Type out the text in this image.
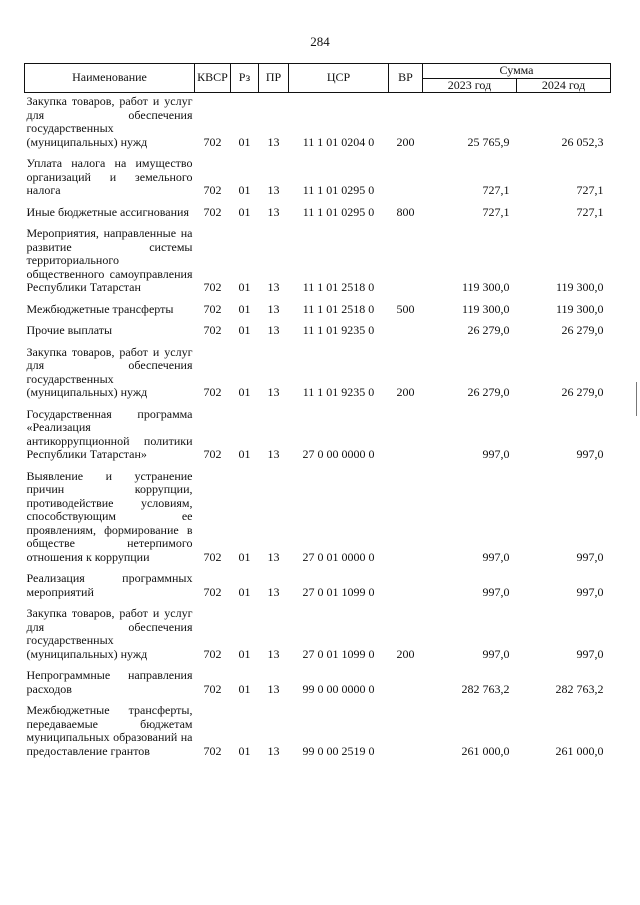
284
Наименование	КВСР	Рз	ПР	ЦСР	ВР	Сумма	
						2023 год	2024 год
Закупка товаров, работ и услуг для обеспечения государственных (муниципальных) нужд	702	01	13	11 1 01 0204 0	200	25 765,9	26 052,3
Уплата налога на имущество организаций и земельного налога	702	01	13	11 1 01 0295 0		727,1	727,1
Иные бюджетные ассигнования	702	01	13	11 1 01 0295 0	800	727,1	727,1
Мероприятия, направленные на развитие системы территориального общественного самоуправления Республики Татарстан	702	01	13	11 1 01 2518 0		119 300,0	119 300,0
Межбюджетные трансферты	702	01	13	11 1 01 2518 0	500	119 300,0	119 300,0
Прочие выплаты	702	01	13	11 1 01 9235 0		26 279,0	26 279,0
Закупка товаров, работ и услуг для обеспечения государственных (муниципальных) нужд	702	01	13	11 1 01 9235 0	200	26 279,0	26 279,0
Государственная программа «Реализация антикоррупционной политики Республики Татарстан»	702	01	13	27 0 00 0000 0		997,0	997,0
Выявление и устранение причин коррупции, противодействие условиям, способствующим ее проявлениям, формирование в обществе нетерпимого отношения к коррупции	702	01	13	27 0 01 0000 0		997,0	997,0
Реализация программных мероприятий	702	01	13	27 0 01 1099 0		997,0	997,0
Закупка товаров, работ и услуг для обеспечения государственных (муниципальных) нужд	702	01	13	27 0 01 1099 0	200	997,0	997,0
Непрограммные направления расходов	702	01	13	99 0 00 0000 0		282 763,2	282 763,2
Межбюджетные трансферты, передаваемые бюджетам муниципальных образований на предоставление грантов	702	01	13	99 0 00 2519 0		261 000,0	261 000,0
